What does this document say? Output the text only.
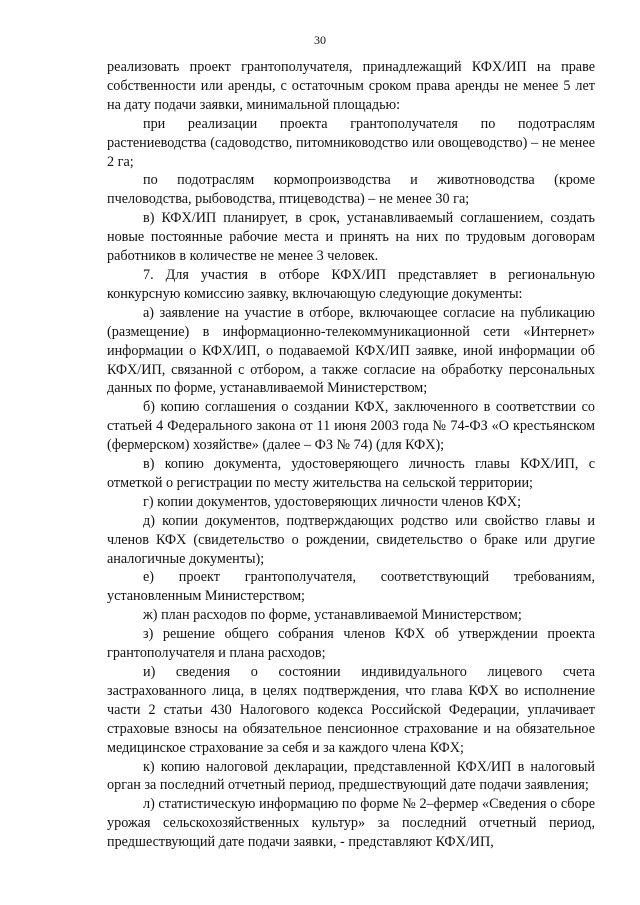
30

реализовать проект грантополучателя, принадлежащий КФХ/ИП на праве собственности или аренды, с остаточным сроком права аренды не менее 5 лет на дату подачи заявки, минимальной площадью:

при реализации проекта грантополучателя по подотраслям растениеводства (садоводство, питомниководство или овощеводство) – не менее 2 га;

по подотраслям кормопроизводства и животноводства (кроме пчеловодства, рыбоводства, птицеводства) – не менее 30 га;

в) КФХ/ИП планирует, в срок, устанавливаемый соглашением, создать новые постоянные рабочие места и принять на них по трудовым договорам работников в количестве не менее 3 человек.

7. Для участия в отборе КФХ/ИП представляет в региональную конкурсную комиссию заявку, включающую следующие документы:

а) заявление на участие в отборе, включающее согласие на публикацию (размещение) в информационно-телекоммуникационной сети «Интернет» информации о КФХ/ИП, о подаваемой КФХ/ИП заявке, иной информации об КФХ/ИП, связанной с отбором, а также согласие на обработку персональных данных по форме, устанавливаемой Министерством;

б) копию соглашения о создании КФХ, заключенного в соответствии со статьей 4 Федерального закона от 11 июня 2003 года № 74-ФЗ «О крестьянском (фермерском) хозяйстве» (далее – ФЗ № 74) (для КФХ);

в) копию документа, удостоверяющего личность главы КФХ/ИП, с отметкой о регистрации по месту жительства на сельской территории;

г) копии документов, удостоверяющих личности членов КФХ;

д) копии документов, подтверждающих родство или свойство главы и членов КФХ (свидетельство о рождении, свидетельство о браке или другие аналогичные документы);

е) проект грантополучателя, соответствующий требованиям, установленным Министерством;

ж) план расходов по форме, устанавливаемой Министерством;

з) решение общего собрания членов КФХ об утверждении проекта грантополучателя и плана расходов;

и) сведения о состоянии индивидуального лицевого счета застрахованного лица, в целях подтверждения, что глава КФХ во исполнение части 2 статьи 430 Налогового кодекса Российской Федерации, уплачивает страховые взносы на обязательное пенсионное страхование и на обязательное медицинское страхование за себя и за каждого члена КФХ;

к) копию налоговой декларации, представленной КФХ/ИП в налоговый орган за последний отчетный период, предшествующий дате подачи заявления;

л) статистическую информацию по форме № 2–фермер «Сведения о сборе урожая сельскохозяйственных культур» за последний отчетный период, предшествующий дате подачи заявки, - представляют КФХ/ИП,
